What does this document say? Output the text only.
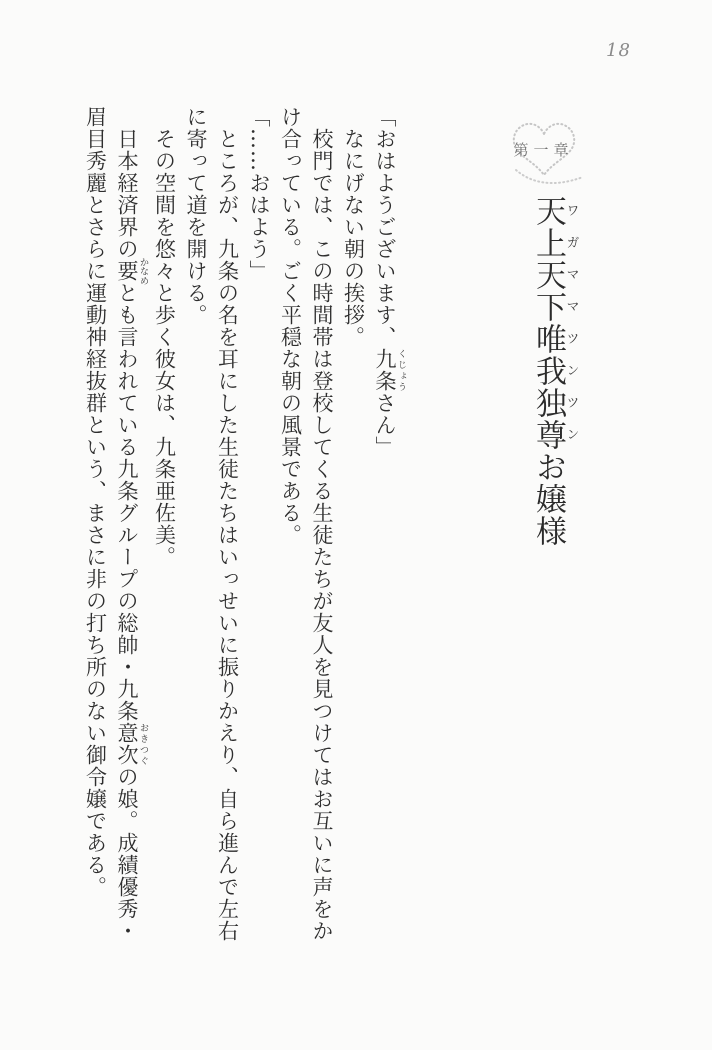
18
第一章
天上天下唯我独尊ワガママツンツンお嬢様
「おはようございます、九条くじょうさん」
なにげない朝の挨拶。
校門では、この時間帯は登校してくる生徒たちが友人を見つけてはお互いに声をか
け合っている。ごく平穏な朝の風景である。
「……おはよう」
ところが、九条の名を耳にした生徒たちはいっせいに振りかえり、自ら進んで左右
に寄って道を開ける。
その空間を悠々と歩く彼女は、九条亜佐美。
日本経済界の要かなめとも言われている九条グループの総帥・九条意次おきつぐの娘。成績優秀・
眉目秀麗とさらに運動神経抜群という、まさに非の打ち所のない御令嬢である。
